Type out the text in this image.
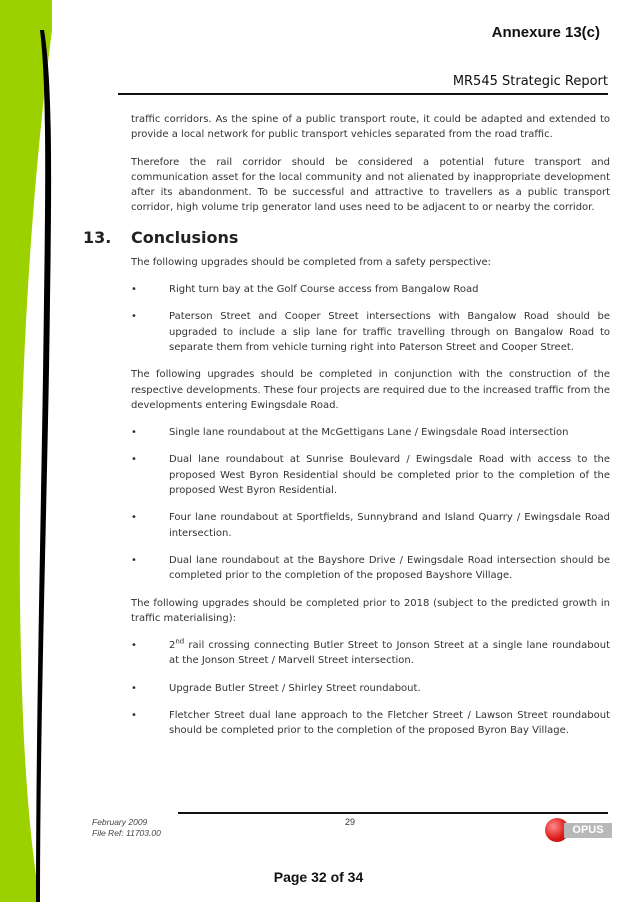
Annexure 13(c)
MR545 Strategic Report

traffic corridors. As the spine of a public transport route, it could be adapted and extended to provide a local network for public transport vehicles separated from the road traffic.

Therefore the rail corridor should be considered a potential future transport and communication asset for the local community and not alienated by inappropriate development after its abandonment. To be successful and attractive to travellers as a public transport corridor, high volume trip generator land uses need to be adjacent to or nearby the corridor.

13. Conclusions

The following upgrades should be completed from a safety perspective:

•	Right turn bay at the Golf Course access from Bangalow Road
•	Paterson Street and Cooper Street intersections with Bangalow Road should be upgraded to include a slip lane for traffic travelling through on Bangalow Road to separate them from vehicle turning right into Paterson Street and Cooper Street.

The following upgrades should be completed in conjunction with the construction of the respective developments. These four projects are required due to the increased traffic from the developments entering Ewingsdale Road.

•	Single lane roundabout at the McGettigans Lane / Ewingsdale Road intersection
•	Dual lane roundabout at Sunrise Boulevard / Ewingsdale Road with access to the proposed West Byron Residential should be completed prior to the completion of the proposed West Byron Residential.
•	Four lane roundabout at Sportfields, Sunnybrand and Island Quarry / Ewingsdale Road intersection.
•	Dual lane roundabout at the Bayshore Drive / Ewingsdale Road intersection should be completed prior to the completion of the proposed Bayshore Village.

The following upgrades should be completed prior to 2018 (subject to the predicted growth in traffic materialising):

•	2nd rail crossing connecting Butler Street to Jonson Street at a single lane roundabout at the Jonson Street / Marvell Street intersection.
•	Upgrade Butler Street / Shirley Street roundabout.
•	Fletcher Street dual lane approach to the Fletcher Street / Lawson Street roundabout should be completed prior to the completion of the proposed Byron Bay Village.
February 2009
File Ref: 11703.00
29
OPUS
Page 32 of 34
